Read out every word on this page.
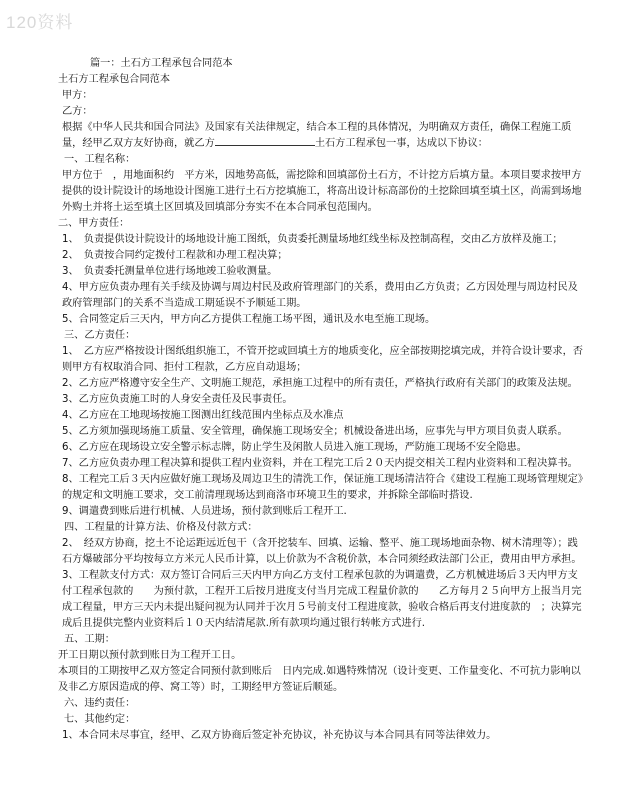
120资料

篇一：土石方工程承包合同范本

土石方工程承包合同范本

甲方：

乙方：

根据《中华人民共和国合同法》及国家有关法律规定，结合本工程的具体情况，为明确双方责任，确保工程施工质量，经甲乙双方友好协商，就乙方	土石方工程承包一事，达成以下协议：

一、工程名称：

甲方位于　，用地面积约　平方米，因地势高低，需挖除和回填部份土石方，不计挖方后填方量。本项目要求按甲方提供的设计院设计的场地设计图施工进行土石方挖填施工，将高出设计标高部份的土挖除回填至填土区，尚需到场地外购土并将土运至填土区回填及回填部分夯实不在本合同承包范围内。

二、甲方责任：

1、　负责提供设计院设计的场地设计施工图纸，负责委托测量场地红线坐标及控制高程，交由乙方放样及施工；

2、　负责按合同约定拨付工程款和办理工程决算；

3、　负责委托测量单位进行场地竣工验收测量。

4、甲方应负责办理有关手续及协调与周边村民及政府管理部门的关系，费用由乙方负责；乙方因处理与周边村民及政府管理部门的关系不当造成工期延误不予顺延工期。

5、合同签定后三天内，甲方向乙方提供工程施工场平图，通讯及水电至施工现场。

三、乙方责任：

1、　乙方应严格按设计图纸组织施工，不管开挖或回填土方的地质变化，应全部按期挖填完成，并符合设计要求，否则甲方有权取消合同、拒付工程款，乙方应自动退场；

2、乙方应严格遵守安全生产、文明施工规范，承担施工过程中的所有责任，严格执行政府有关部门的政策及法规。

3、乙方应负责施工时的人身安全责任及民事责任。

4、乙方应在工地现场按施工图测出红线范围内坐标点及水准点

5、乙方须加强现场施工质量、安全管理，确保施工现场安全；机械设备进出场，应事先与甲方项目负责人联系。

6、乙方应在现场设立安全警示标志牌，防止学生及闲散人员进入施工现场，严防施工现场不安全隐患。

7、乙方应负责办理工程决算和提供工程内业资料，并在工程完工后２０天内提交相关工程内业资料和工程决算书。

8、工程完工后３天内应做好施工现场及周边卫生的清洗工作，保证施工现场清洁符合《建设工程施工现场管理规定》的规定和文明施工要求，交工前清理现场达到商洛市环境卫生的要求，并拆除全部临时搭设.

9、调遣费到账后进行机械、人员进场，预付款到账后工程开工.

四、工程量的计算方法、价格及付款方式：

2、　经双方协商，挖土不论运距远近包干（含开挖装车、回填、运输、整平、施工现场地面杂物、树木清理等）；践石方爆破部分平均按每立方米元人民币计算，以上价款为不含税价款，本合同须经政法部门公正，费用由甲方承担。

3、工程款支付方式：双方签订合同后三天内甲方向乙方支付工程承包款的为调遣费，乙方机械进场后３天内甲方支付工程承包款的　　为预付款，工程开工后按月进度支付当月完成工程量价款的　　乙方每月２５向甲方上报当月完成工程量，甲方三天内未提出疑问视为认同并于次月５号前支付工程进度款，验收合格后再支付进度款的　；决算完成后且提供完整内业资料后１０天内结清尾款.所有款项均通过银行转帐方式进行.

五、工期：

开工日期以预付款到账日为工程开工日。

本项目的工期按甲乙双方签定合同预付款到账后　日内完成.如遇特殊情况（设计变更、工作量变化、不可抗力影响以及非乙方原因造成的停、窝工等）时，工期经甲方签证后顺延。

六、违约责任：

七、其他约定：

1、本合同未尽事宜，经甲、乙双方协商后签定补充协议，补充协议与本合同具有同等法律效力。
